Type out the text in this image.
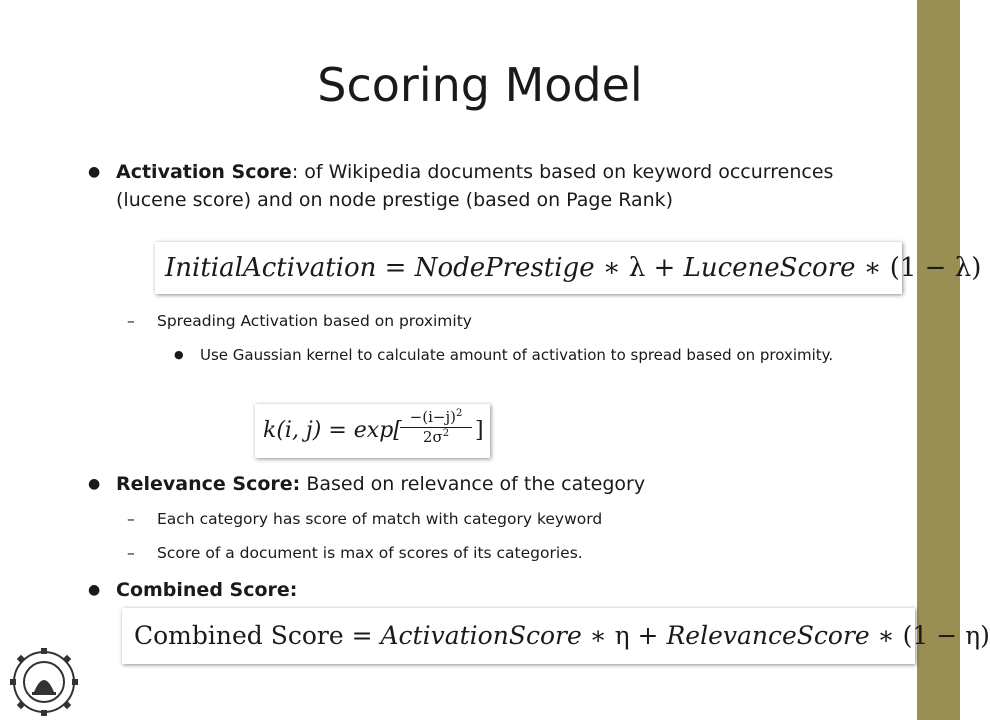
Scoring Model
● Activation Score: of Wikipedia documents based on keyword occurrences (lucene score) and on node prestige (based on Page Rank)
InitialActivation = NodePrestige ∗ λ + LuceneScore ∗ (1 − λ)
– Spreading Activation based on proximity
● Use Gaussian kernel to calculate amount of activation to spread based on proximity.
k(i, j) = exp[
$-(i-j)^2$
$2\sigma^2$	]
● Relevance Score: Based on relevance of the category
– Each category has score of match with category keyword
– Score of a document is max of scores of its categories.
● Combined Score:
Combined Score = ActivationScore ∗ η + RelevanceScore ∗ (1 − η)
